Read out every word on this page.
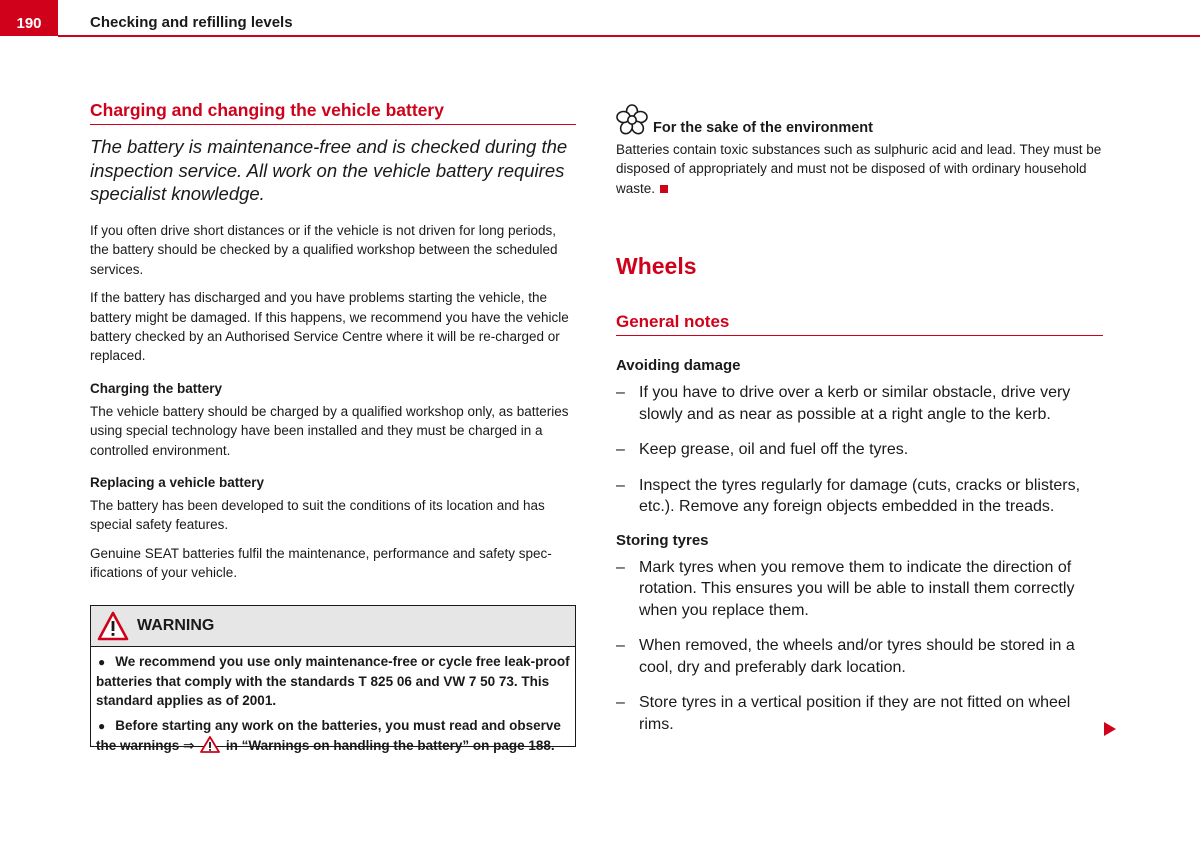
190	Checking and refilling levels
Charging and changing the vehicle battery
The battery is maintenance-free and is checked during the inspection service. All work on the vehicle battery requires specialist knowledge.

If you often drive short distances or if the vehicle is not driven for long periods, the battery should be checked by a qualified workshop between the scheduled services.

If the battery has discharged and you have problems starting the vehicle, the battery might be damaged. If this happens, we recommend you have the vehicle battery checked by an Authorised Service Centre where it will be re-charged or replaced.

Charging the battery

The vehicle battery should be charged by a qualified workshop only, as batteries using special technology have been installed and they must be charged in a controlled environment.

Replacing a vehicle battery

The battery has been developed to suit the conditions of its location and has special safety features.

Genuine SEAT batteries fulfil the maintenance, performance and safety spec-ifications of your vehicle.

WARNING

● We recommend you use only maintenance-free or cycle free leak-proof batteries that comply with the standards T 825 06 and VW 7 50 73. This standard applies as of 2001.

● Before starting any work on the batteries, you must read and observe the warnings ⇒ in “Warnings on handling the battery” on page 188.

For the sake of the environment
Batteries contain toxic substances such as sulphuric acid and lead. They must be disposed of appropriately and must not be disposed of with ordinary household waste.
Wheels
General notes
Avoiding damage
– If you have to drive over a kerb or similar obstacle, drive very slowly and as near as possible at a right angle to the kerb.
– Keep grease, oil and fuel off the tyres.
– Inspect the tyres regularly for damage (cuts, cracks or blisters, etc.). Remove any foreign objects embedded in the treads.
Storing tyres
– Mark tyres when you remove them to indicate the direction of rotation. This ensures you will be able to install them correctly when you replace them.
– When removed, the wheels and/or tyres should be stored in a cool, dry and preferably dark location.
– Store tyres in a vertical position if they are not fitted on wheel rims.
